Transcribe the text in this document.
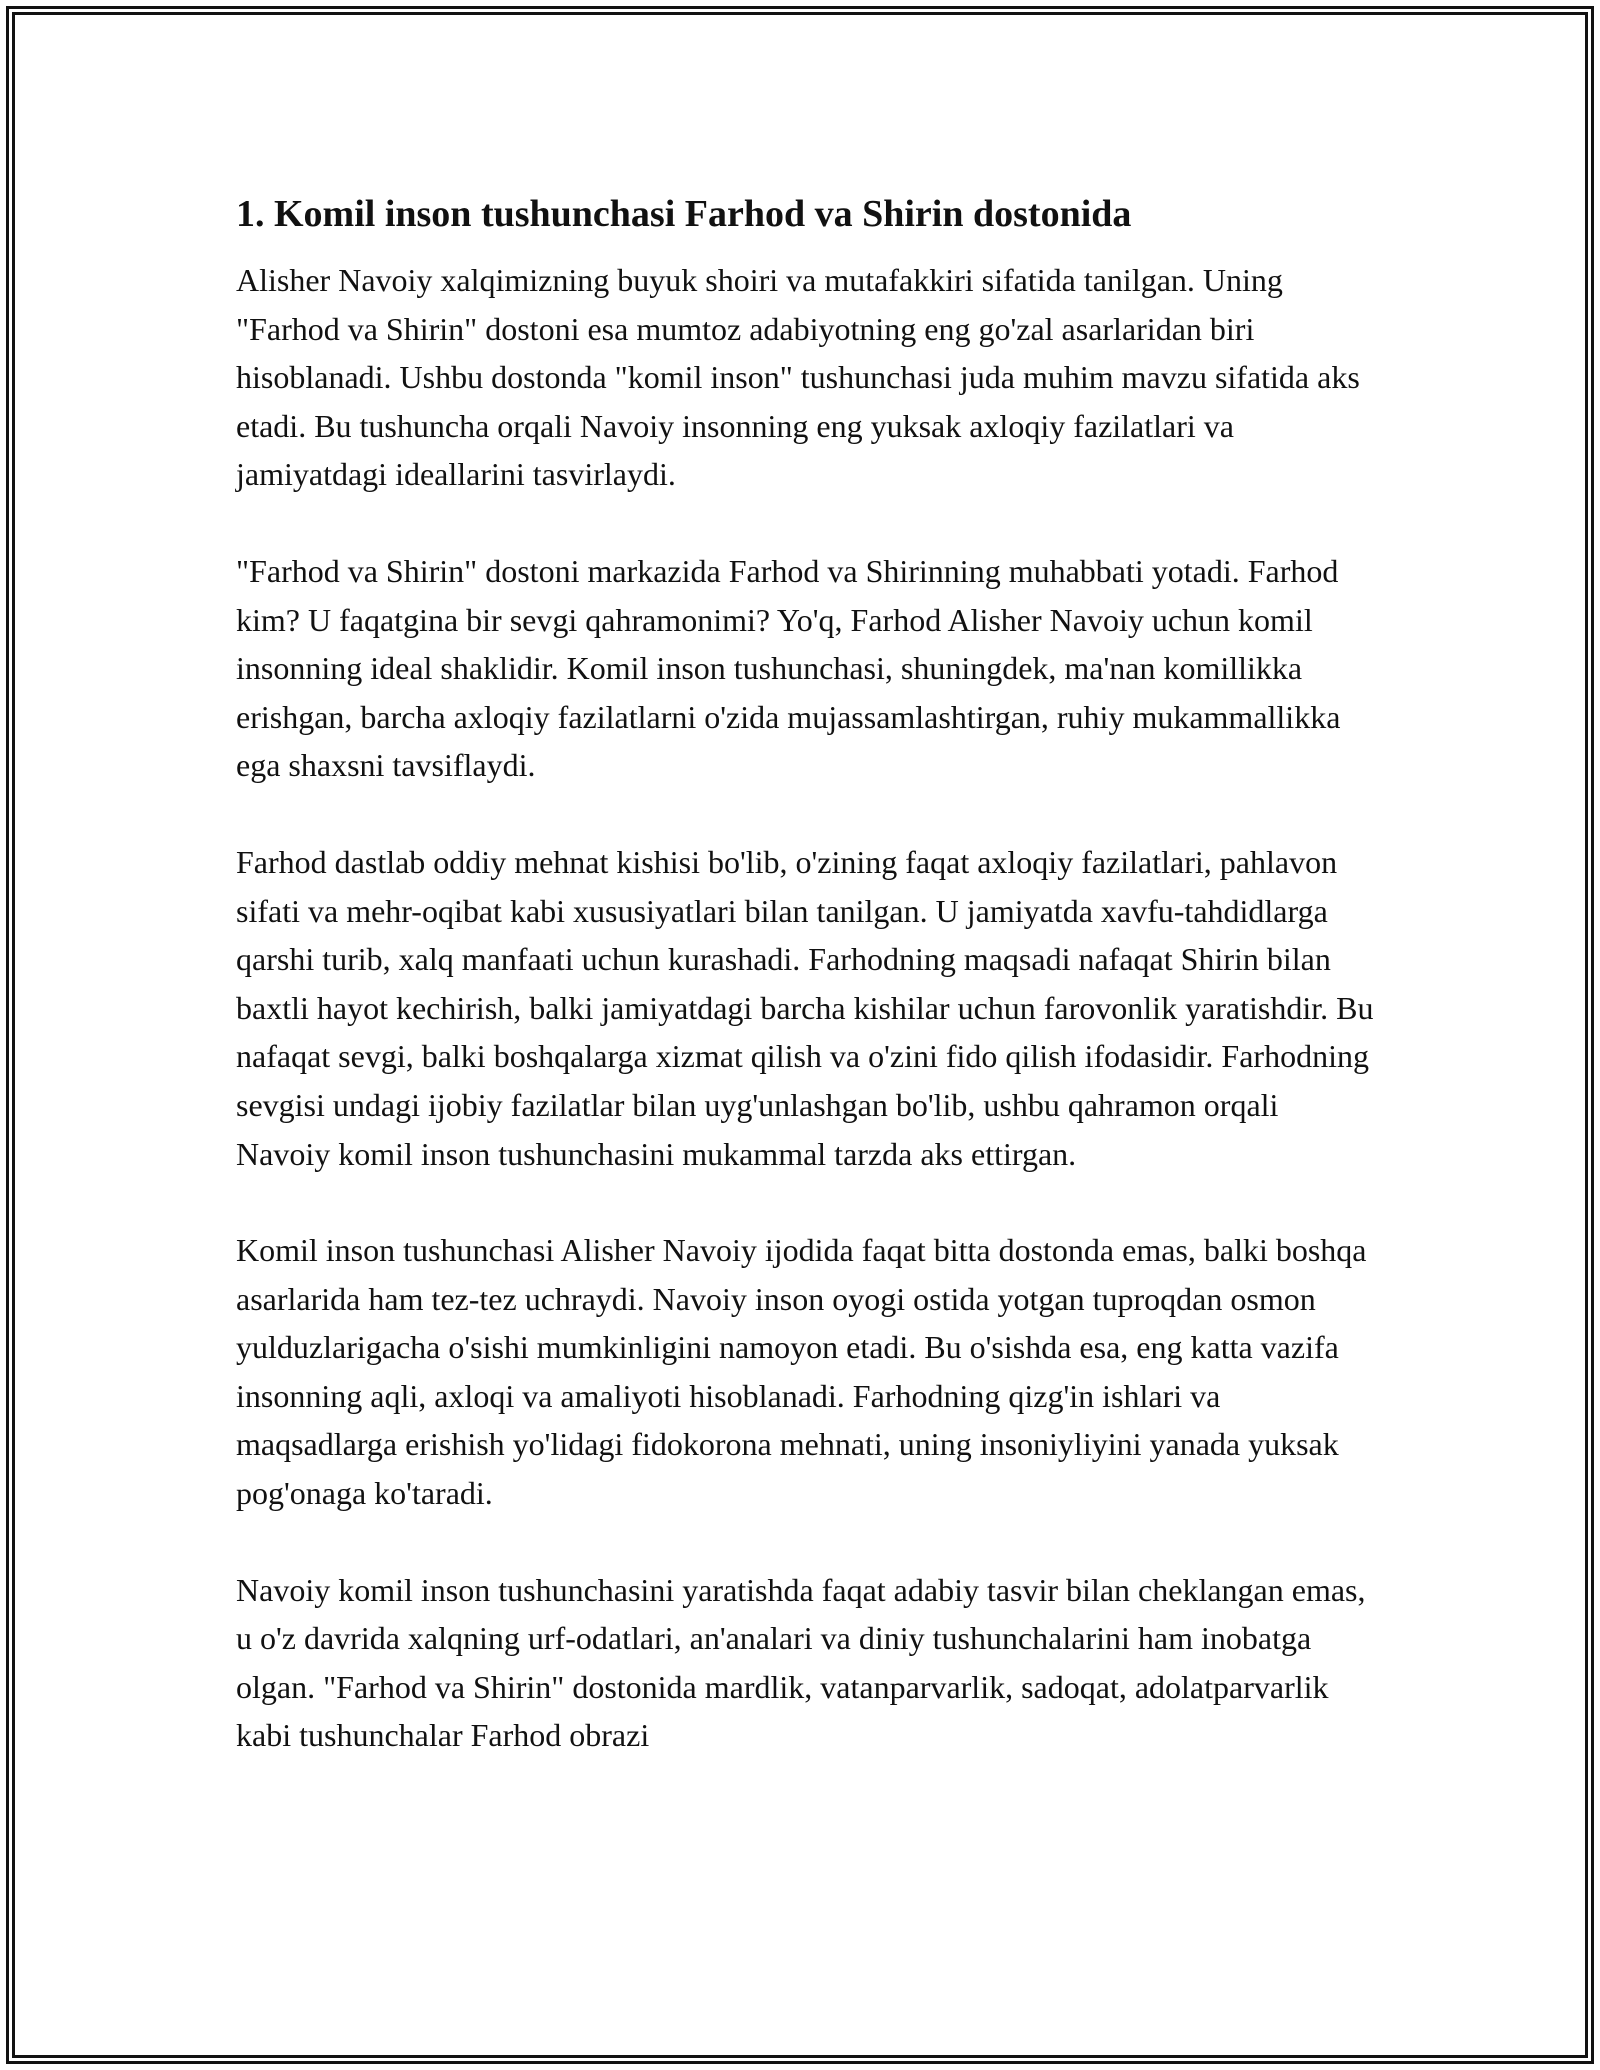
1. Komil inson tushunchasi Farhod va Shirin dostonida

Alisher Navoiy xalqimizning buyuk shoiri va mutafakkiri sifatida tanilgan. Uning "Farhod va Shirin" dostoni esa mumtoz adabiyotning eng go'zal asarlaridan biri hisoblanadi. Ushbu dostonda "komil inson" tushunchasi juda muhim mavzu sifatida aks etadi. Bu tushuncha orqali Navoiy insonning eng yuksak axloqiy fazilatlari va jamiyatdagi ideallarini tasvirlaydi.

"Farhod va Shirin" dostoni markazida Farhod va Shirinning muhabbati yotadi. Farhod kim? U faqatgina bir sevgi qahramonimi? Yo'q, Farhod Alisher Navoiy uchun komil insonning ideal shaklidir. Komil inson tushunchasi, shuningdek, ma'nan komillikka erishgan, barcha axloqiy fazilatlarni o'zida mujassamlashtirgan, ruhiy mukammallikka ega shaxsni tavsiflaydi.

Farhod dastlab oddiy mehnat kishisi bo'lib, o'zining faqat axloqiy fazilatlari, pahlavon sifati va mehr-oqibat kabi xususiyatlari bilan tanilgan. U jamiyatda xavfu-tahdidlarga qarshi turib, xalq manfaati uchun kurashadi. Farhodning maqsadi nafaqat Shirin bilan baxtli hayot kechirish, balki jamiyatdagi barcha kishilar uchun farovonlik yaratishdir. Bu nafaqat sevgi, balki boshqalarga xizmat qilish va o'zini fido qilish ifodasidir. Farhodning sevgisi undagi ijobiy fazilatlar bilan uyg'unlashgan bo'lib, ushbu qahramon orqali Navoiy komil inson tushunchasini mukammal tarzda aks ettirgan.

Komil inson tushunchasi Alisher Navoiy ijodida faqat bitta dostonda emas, balki boshqa asarlarida ham tez-tez uchraydi. Navoiy inson oyogi ostida yotgan tuproqdan osmon yulduzlarigacha o'sishi mumkinligini namoyon etadi. Bu o'sishda esa, eng katta vazifa insonning aqli, axloqi va amaliyoti hisoblanadi. Farhodning qizg'in ishlari va maqsadlarga erishish yo'lidagi fidokorona mehnati, uning insoniyliyini yanada yuksak pog'onaga ko'taradi.

Navoiy komil inson tushunchasini yaratishda faqat adabiy tasvir bilan cheklangan emas, u o'z davrida xalqning urf-odatlari, an'analari va diniy tushunchalarini ham inobatga olgan. "Farhod va Shirin" dostonida mardlik, vatanparvarlik, sadoqat, adolatparvarlik kabi tushunchalar Farhod obrazi
